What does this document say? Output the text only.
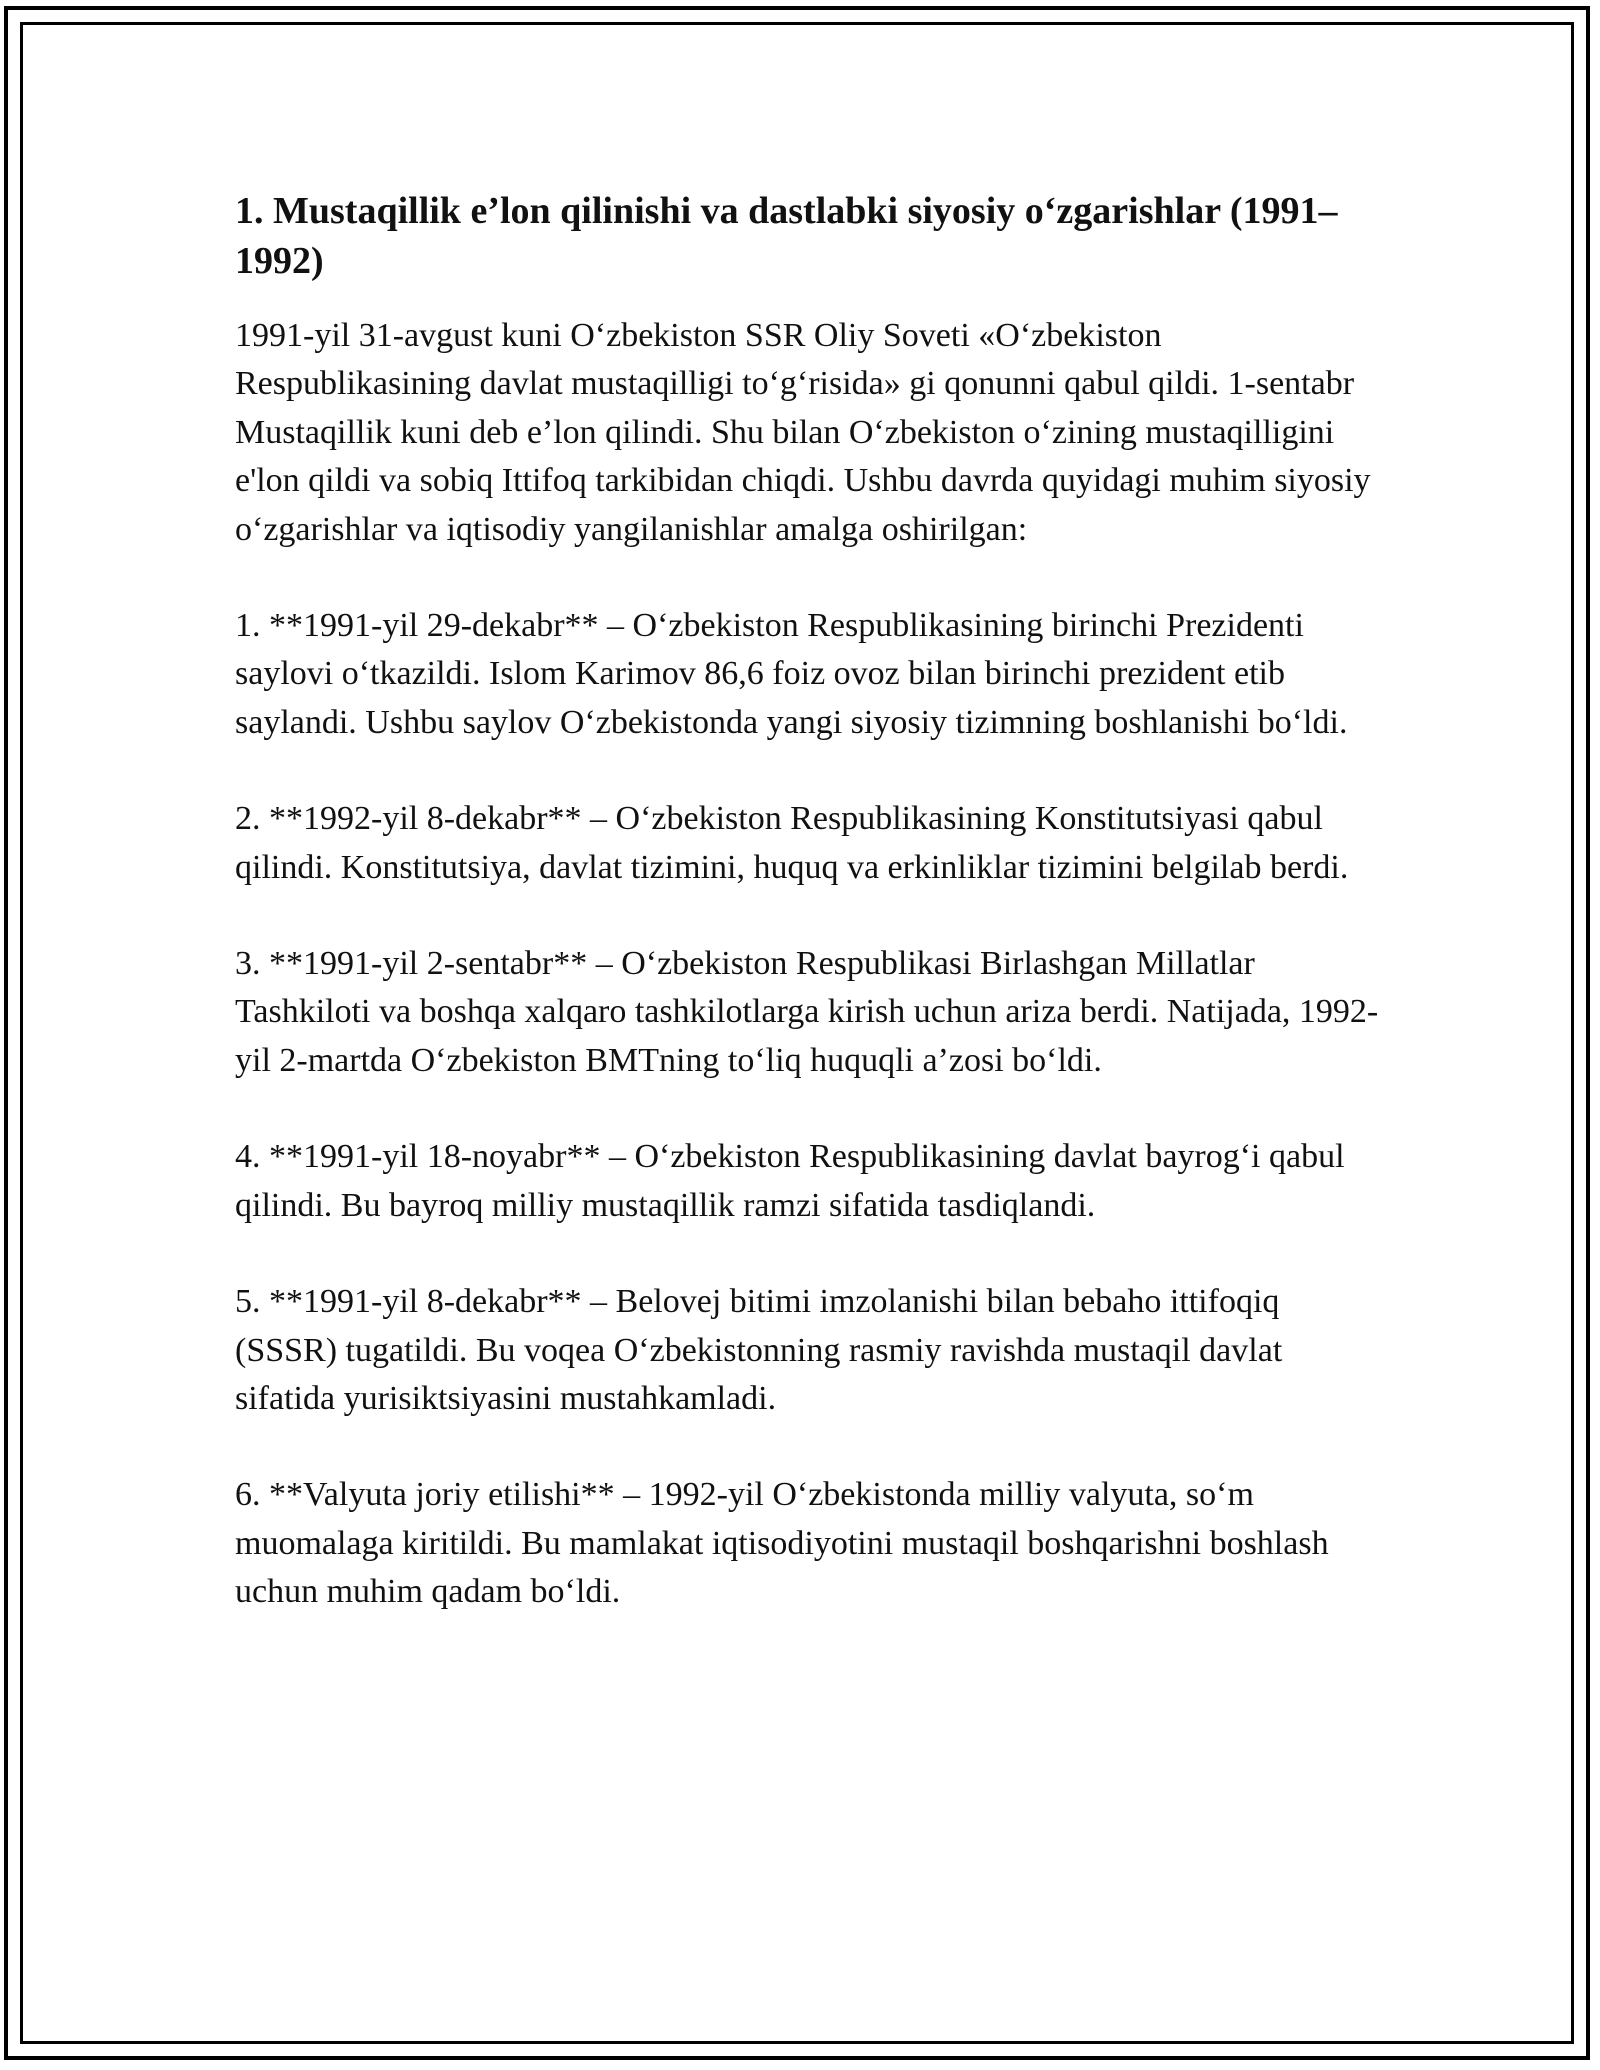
1. Mustaqillik e’lon qilinishi va dastlabki siyosiy o‘zgarishlar (1991–1992)

1991-yil 31-avgust kuni O‘zbekiston SSR Oliy Soveti «O‘zbekiston Respublikasining davlat mustaqilligi to‘g‘risida» gi qonunni qabul qildi. 1-sentabr Mustaqillik kuni deb e’lon qilindi. Shu bilan O‘zbekiston o‘zining mustaqilligini e'lon qildi va sobiq Ittifoq tarkibidan chiqdi. Ushbu davrda quyidagi muhim siyosiy o‘zgarishlar va iqtisodiy yangilanishlar amalga oshirilgan:

1. **1991-yil 29-dekabr** – O‘zbekiston Respublikasining birinchi Prezidenti saylovi o‘tkazildi. Islom Karimov 86,6 foiz ovoz bilan birinchi prezident etib saylandi. Ushbu saylov O‘zbekistonda yangi siyosiy tizimning boshlanishi bo‘ldi.

2. **1992-yil 8-dekabr** – O‘zbekiston Respublikasining Konstitutsiyasi qabul qilindi. Konstitutsiya, davlat tizimini, huquq va erkinliklar tizimini belgilab berdi.

3. **1991-yil 2-sentabr** – O‘zbekiston Respublikasi Birlashgan Millatlar Tashkiloti va boshqa xalqaro tashkilotlarga kirish uchun ariza berdi. Natijada, 1992-yil 2-martda O‘zbekiston BMTning to‘liq huquqli a’zosi bo‘ldi.

4. **1991-yil 18-noyabr** – O‘zbekiston Respublikasining davlat bayrog‘i qabul qilindi. Bu bayroq milliy mustaqillik ramzi sifatida tasdiqlandi.

5. **1991-yil 8-dekabr** – Belovej bitimi imzolanishi bilan bebaho ittifoqiq (SSSR) tugatildi. Bu voqea O‘zbekistonning rasmiy ravishda mustaqil davlat sifatida yurisiktsiyasini mustahkamladi.

6. **Valyuta joriy etilishi** – 1992-yil O‘zbekistonda milliy valyuta, so‘m muomalaga kiritildi. Bu mamlakat iqtisodiyotini mustaqil boshqarishni boshlash uchun muhim qadam bo‘ldi.
